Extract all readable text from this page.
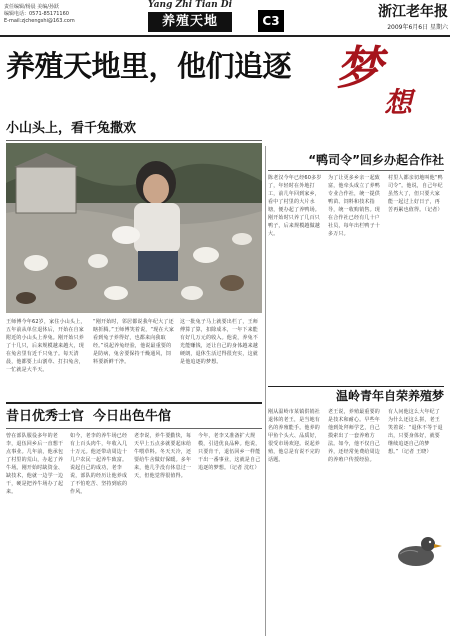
责任编辑/杨晨 美编/孙跃
编辑电话：0571-85171160
E-mail:zjchengshi@163.com
Yang Zhi Tian Di
养殖天地	C3
浙江老年报
2009年6月6日 星期六
养殖天地里，他们追逐 梦
想
小山头上，看千兔撒欢
王师傅今年62岁，家住小山头上，五年前从单位退休后，开始在自家附近的小山头上养兔。刚开始只养了十几只，后来规模越来越大，现在兔舍里有近千只兔子。每天清晨，他都要上山割草、打扫兔舍，一忙就是大半天。
“刚开始时，邻居都说我年纪大了还瞎折腾。”王师傅笑着说，“现在大家看到兔子养得好，也都来向我取经。”说起养兔经验，他说最重要的是防病，兔舍要保持干燥通风，饲料要新鲜干净。
这一批兔子马上就要出栏了，王师傅算了算，扣除成本，一年下来能有好几万元的收入。他说，养兔不光能赚钱，还让自己的身体越来越硬朗，退休生活过得很充实，这就是他追逐的梦想。
“鸭司令”回乡办起合作社
陈老汉今年已经60多岁了，年轻时在外地打工，前几年回到家乡，看中了村里的大片水塘，便办起了养鸭场。刚开始时只养了几百只鸭子，后来规模越做越大。
为了让更多乡亲一起致富，他牵头成立了养鸭专业合作社，统一提供鸭苗、饲料和技术指导，统一收购销售。现在合作社已经有几十户社员，每年出栏鸭子十多万只。
村里人都亲切地叫他“鸭司令”。他说，自己年纪虽然大了，但只要大家能一起过上好日子，再苦再累也值得。（记者）
温岭青年自荣养殖梦
刚从温岭市某镇供销社退休的老王，是当地有名的养殖能手。他养的甲鱼个头大、品质好，很受市场欢迎。说起养殖，他总是有说不完的话题。
老王说，养殖最重要的是技术和耐心。早些年他到处拜师学艺，自己摸索出了一套养殖方法。如今，他不仅自己养，还经常免费给周边的养殖户传授经验。
有人问他这么大年纪了为什么还这么拼，老王笑着说：“退休不等于退出，只要身体好，就要继续追逐自己的梦想。”（记者 王晓）
昔日优秀士官  今日出色牛倌
曾在部队服役多年的老李，退伍回乡后一直想干点事业。几年前，他承包了村里的荒山，办起了养牛场。刚开始时缺资金、缺技术，他就一边学一边干，硬是把养牛场办了起来。
如今，老李的养牛场已经有上百头肉牛，年收入几十万元。他还带动周边十几户农民一起养牛致富。说起自己的成功，老李说，部队的经历让他养成了不怕吃苦、坚持到底的作风。
老李说，养牛要勤快，每天早上五点多就要起床给牛喂草料。冬天天冷，还要给牛舍做好保暖。多年来，他几乎没有休息过一天，但他觉得很值得。
今年，老李又准备扩大规模，引进优良品种。他说，只要肯干，退伍回乡一样能干出一番事业，这就是自己追逐的梦想。（记者 沈红）
